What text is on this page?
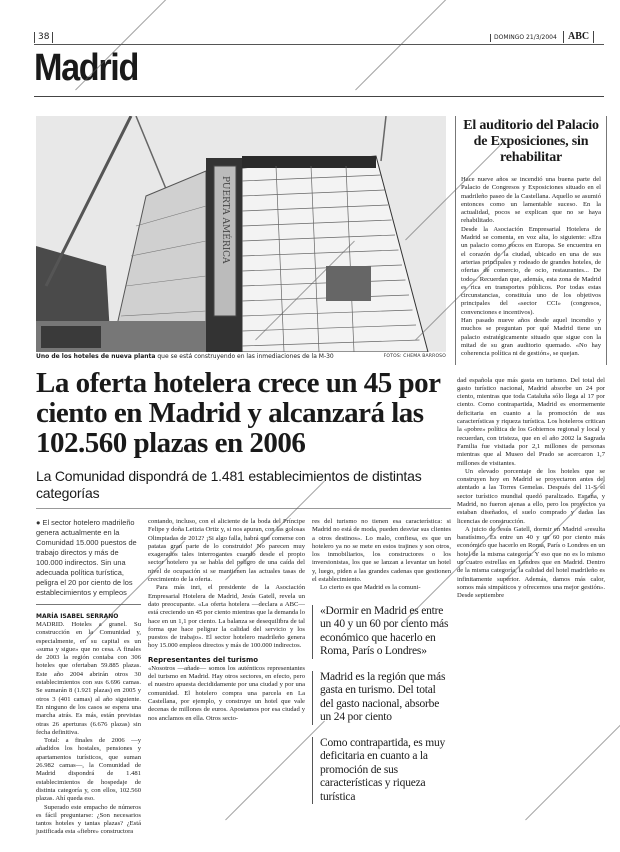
38	DOMINGO 21/3/2004	ABC
Madrid
PUERTA AMÉRICA
Uno de los hoteles de nueva planta que se está construyendo en las inmediaciones de la M-30	FOTOS: CHEMA BARROSO
La oferta hotelera crece un 45 por ciento en Madrid y alcanzará las 102.560 plazas en 2006
La Comunidad dispondrá de 1.481 establecimientos de distintas categorías
● El sector hotelero madrileño genera actualmente en la Comunidad 15.000 puestos de trabajo directos y más de 100.000 indirectos. Sin una adecuada política turística, peligra el 20 por ciento de los establecimientos y empleos
MARÍA ISABEL SERRANO

MADRID. Hoteles a granel. Su construcción en la Comunidad y, especialmente, en su capital es un «suma y sigue» que no cesa. A finales de 2003 la región contaba con 306 hoteles que ofertaban 59.885 plazas. Este año 2004 abrirán otros 30 establecimientos con sus 6.696 camas. Se sumarán 8 (1.921 plazas) en 2005 y otros 3 (401 camas) al año siguiente. En ninguno de los casos se espera una marcha atrás. Es más, están previstas otras 26 aperturas (6.676 plazas) sin fecha definitiva.

Total: a finales de 2006 —y añadidos los hostales, pensiones y apartamentos turísticos, que suman 26.982 camas—, la Comunidad de Madrid dispondrá de 1.481 establecimientos de hospedaje de distinta categoría y, con ellos, 102.560 plazas. Ahí queda eso.

Superado este empacho de números es fácil preguntarse: ¿Son necesarios tantos hoteles y tantas plazas? ¿Está justificada esta «fiebre» constructora

contando, incluso, con el aliciente de la boda del Príncipe Felipe y doña Letizia Ortiz y, si nos apuran, con las golosas Olimpiadas de 2012? ¡Si algo falla, habrá que comerse con patatas gran parte de lo construido! No parecen muy exagerados tales interrogantes cuando desde el propio sector hotelero ya se habla del peligro de una caída del nivel de ocupación si se mantienen las actuales tasas de crecimiento de la oferta.

Para más inri, el presidente de la Asociación Empresarial Hotelera de Madrid, Jesús Gatell, revela un dato preocupante. «La oferta hotelera —declara a ABC— está creciendo un 45 por ciento mientras que la demanda lo hace en un 1,1 por ciento. La balanza se desequilibra de tal forma que hace peligrar la calidad del servicio y los puestos de trabajo». El sector hotelero madrileño genera hoy 15.000 empleos directos y más de 100.000 indirectos.

Representantes del turismo

«Nosotros —añade— somos los auténticos representantes del turismo en Madrid. Hay otros sectores, en efecto, pero el nuestro apuesta decididamente por una ciudad y por una comunidad. El hotelero compra una parcela en La Castellana, por ejemplo, y construye un hotel que vale decenas de millones de euros. Apostamos por esa ciudad y nos anclamos en ella. Otros secto-

res del turismo no tienen esa característica: si Madrid no está de moda, pueden desviar sus clientes a otros destinos». Lo malo, confiesa, es que un hotelero ya no se mete en estos trajines y son otros, los inmobiliarios, los constructores o los inversionistas, los que se lanzan a levantar un hotel y, luego, piden a las grandes cadenas que gestionen el establecimiento.

Lo cierto es que Madrid es la comuni-

«Dormir en Madrid es entre un 40 y un 60 por ciento más económico que hacerlo en Roma, París o Londres»
Madrid es la región que más gasta en turismo. Del total del gasto nacional, absorbe un 24 por ciento
Como contrapartida, es muy deficitaria en cuanto a la promoción de sus características y riqueza turística
El auditorio del Palacio de Exposiciones, sin rehabilitar

Hace nueve años se incendió una buena parte del Palacio de Congresos y Exposiciones situado en el madrileño paseo de la Castellana. Aquello se asumió entonces como un lamentable suceso. En la actualidad, pocos se explican que no se haya rehabilitado.

Desde la Asociación Empresarial Hotelera de Madrid se comenta, en voz alta, lo siguiente: «Era un palacio como pocos en Europa. Se encuentra en el corazón de la ciudad, ubicado en una de sus arterias principales y rodeado de grandes hoteles, de ofertas de comercio, de ocio, restaurantes... De todo». Recuerdan que, además, esta zona de Madrid es rica en transportes públicos. Por todas estas circunstancias, constituía uno de los objetivos principales del «sector CCI» (congresos, convenciones e incentivos).

Han pasado nueve años desde aquel incendio y muchos se preguntan por qué Madrid tiene un palacio estratégicamente situado que sigue con la mitad de su gran auditorio quemado. «No hay coherencia política ni de gestión», se quejan.

dad española que más gasta en turismo. Del total del gasto turístico nacional, Madrid absorbe un 24 por ciento, mientras que toda Cataluña sólo llega al 17 por ciento. Como contrapartida, Madrid es enormemente deficitaria en cuanto a la promoción de sus características y riqueza turística. Los hoteleros critican la «pobre» política de los Gobiernos regional y local y recuerdan, con tristeza, que en el año 2002 la Sagrada Familia fue visitada por 2,1 millones de personas mientras que al Museo del Prado se acercaron 1,7 millones de visitantes.

Un elevado porcentaje de los hoteles que se construyen hoy en Madrid se proyectaron antes del atentado a las Torres Gemelas. Después del 11-S el sector turístico mundial quedó paralizado. España, y Madrid, no fueron ajenas a ello, pero los proyectos ya estaban diseñados, el suelo comprado y dadas las licencias de construcción.

A juicio de Jesús Gatell, dormir en Madrid «resulta baratísimo. Es entre un 40 y un 60 por ciento más económico que hacerlo en Roma, París o Londres en un hotel de la misma categoría. Y eso que no es lo mismo un cuatro estrellas en Londres que en Madrid. Dentro de la misma categoría, la calidad del hotel madrileño es infinitamente superior. Además, damos más calor, somos más simpáticos y ofrecemos una mejor gestión». Desde septiembre
